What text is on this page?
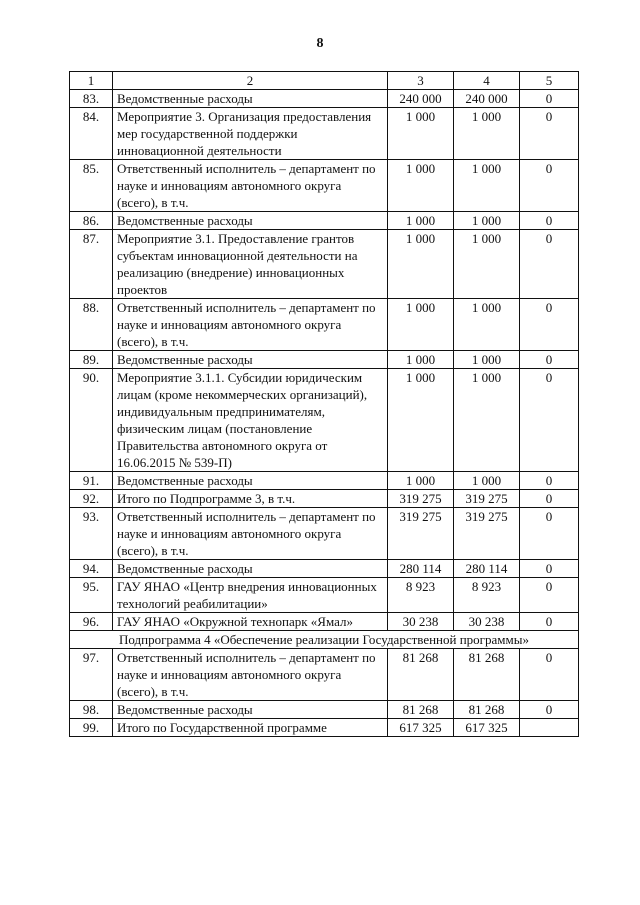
8
1	2	3	4	5
83.	Ведомственные расходы	240 000	240 000	0
84.	Мероприятие 3. Организация предоставления мер государственной поддержки инновационной деятельности	1 000	1 000	0
85.	Ответственный исполнитель – департамент по науке и инновациям автономного округа (всего), в т.ч.	1 000	1 000	0
86.	Ведомственные расходы	1 000	1 000	0
87.	Мероприятие 3.1. Предоставление грантов субъектам инновационной деятельности на реализацию (внедрение) инновационных проектов	1 000	1 000	0
88.	Ответственный исполнитель – департамент по науке и инновациям автономного округа (всего), в т.ч.	1 000	1 000	0
89.	Ведомственные расходы	1 000	1 000	0
90.	Мероприятие 3.1.1. Субсидии юридическим лицам (кроме некоммерческих организаций), индивидуальным предпринимателям, физическим лицам (постановление Правительства автономного округа от 16.06.2015 № 539-П)	1 000	1 000	0
91.	Ведомственные расходы	1 000	1 000	0
92.	Итого по Подпрограмме 3, в т.ч.	319 275	319 275	0
93.	Ответственный исполнитель – департамент по науке и инновациям автономного округа (всего), в т.ч.	319 275	319 275	0
94.	Ведомственные расходы	280 114	280 114	0
95.	ГАУ ЯНАО «Центр внедрения инновационных технологий реабилитации»	8 923	8 923	0
96.	ГАУ ЯНАО «Окружной технопарк «Ямал»	30 238	30 238	0
Подпрограмма 4 «Обеспечение реализации Государственной программы»				
97.	Ответственный исполнитель – департамент по науке и инновациям автономного округа (всего), в т.ч.	81 268	81 268	0
98.	Ведомственные расходы	81 268	81 268	0
99.	Итого по Государственной программе	617 325	617 325	
